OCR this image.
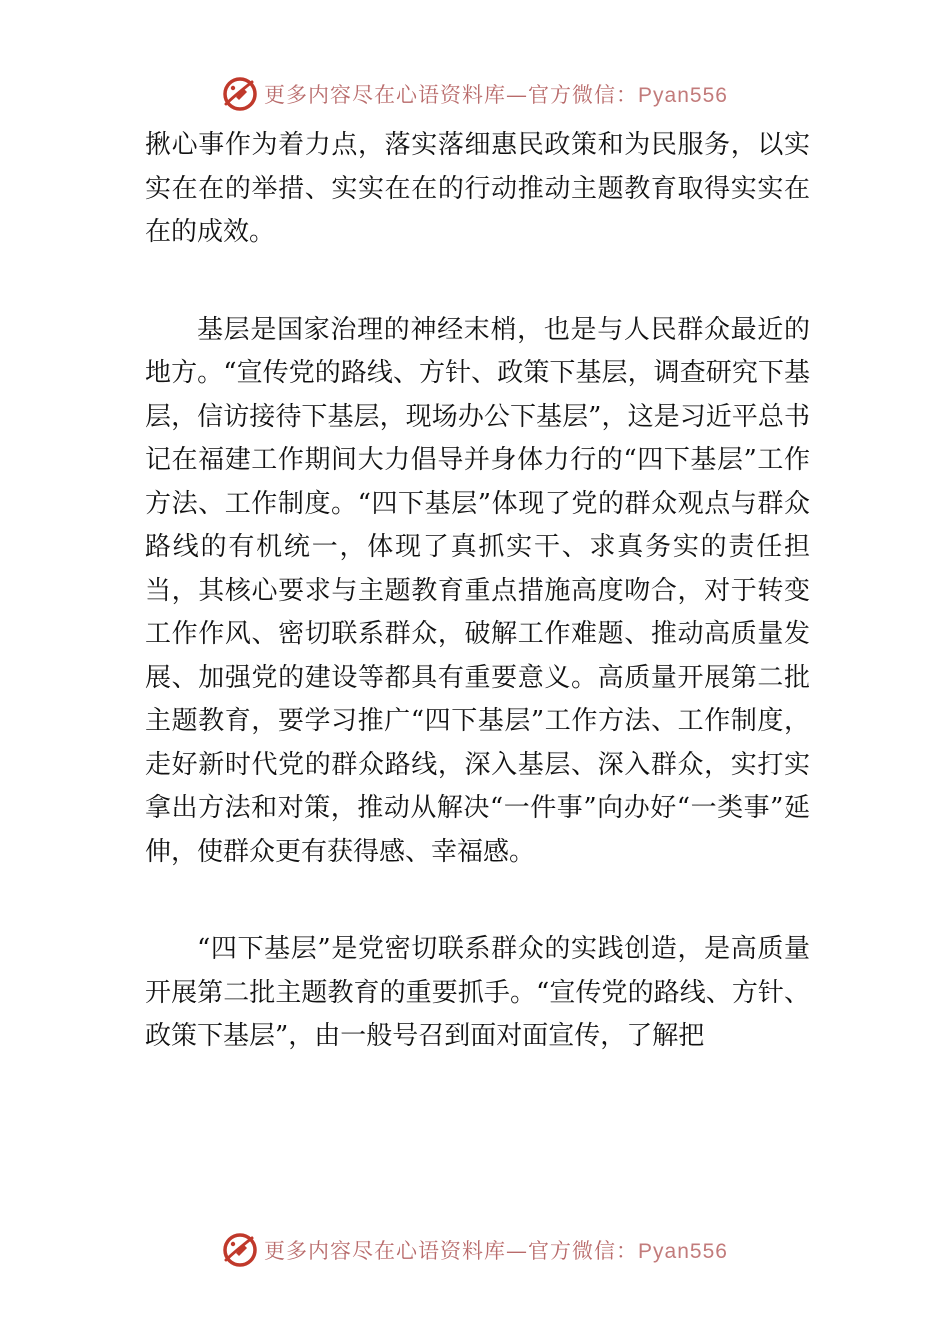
更多内容尽在心语资料库—官方微信：Pyan556

揪心事作为着力点，落实落细惠民政策和为民服务，以实实在在的举措、实实在在的行动推动主题教育取得实实在在的成效。

基层是国家治理的神经末梢，也是与人民群众最近的地方。“宣传党的路线、方针、政策下基层，调查研究下基层，信访接待下基层，现场办公下基层”，这是习近平总书记在福建工作期间大力倡导并身体力行的“四下基层”工作方法、工作制度。“四下基层”体现了党的群众观点与群众路线的有机统一，体现了真抓实干、求真务实的责任担当，其核心要求与主题教育重点措施高度吻合，对于转变工作作风、密切联系群众，破解工作难题、推动高质量发展、加强党的建设等都具有重要意义。高质量开展第二批主题教育，要学习推广“四下基层”工作方法、工作制度，走好新时代党的群众路线，深入基层、深入群众，实打实拿出方法和对策，推动从解决“一件事”向办好“一类事”延伸，使群众更有获得感、幸福感。

“四下基层”是党密切联系群众的实践创造，是高质量开展第二批主题教育的重要抓手。“宣传党的路线、方针、政策下基层”，由一般号召到面对面宣传，了解把

更多内容尽在心语资料库—官方微信：Pyan556
